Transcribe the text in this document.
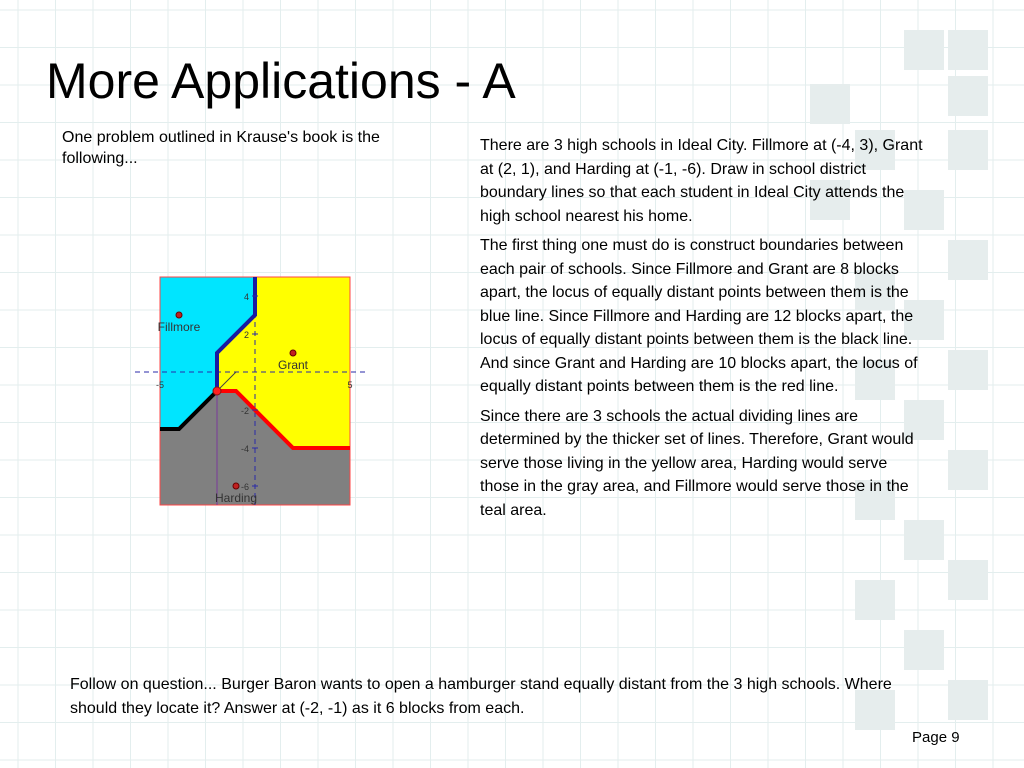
More Applications - A
One problem outlined in Krause's book is the following...
4
2
-2
-4
-6
-5	5
Fillmore
Grant
Harding

There are 3 high schools in Ideal City. Fillmore at (-4, 3), Grant at (2, 1), and Harding at (-1, -6). Draw in school district boundary lines so that each student in Ideal City attends the high school nearest his home.

The first thing one must do is construct boundaries between each pair of schools. Since Fillmore and Grant are 8 blocks apart, the locus of equally distant points between them is the blue line. Since Fillmore and Harding are 12 blocks apart, the locus of equally distant points between them is the black line. And since Grant and Harding are 10 blocks apart, the locus of equally distant points between them is the red line.

Since there are 3 schools the actual dividing lines are determined by the thicker set of lines. Therefore, Grant would serve those living in the yellow area, Harding would serve those in the gray area, and Fillmore would serve those in the teal area.

Follow on question... Burger Baron wants to open a hamburger stand equally distant from the 3 high schools. Where should they locate it? Answer at (-2, -1) as it 6 blocks from each.
Page 9
